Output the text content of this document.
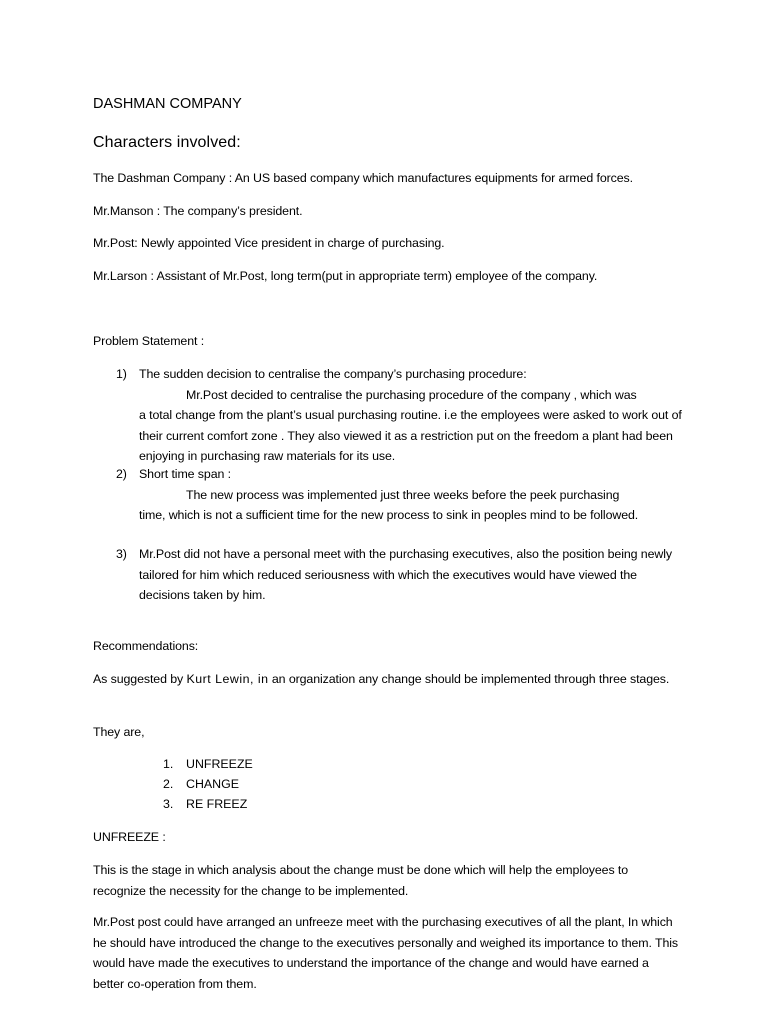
DASHMAN COMPANY

Characters involved:

The Dashman Company : An US based company which manufactures equipments for armed forces.

Mr.Manson : The company’s president.

Mr.Post: Newly appointed Vice president in charge of purchasing.

Mr.Larson : Assistant of Mr.Post, long term(put in appropriate term) employee of the company.

Problem Statement :

1) The sudden decision to centralise the company’s purchasing procedure:
Mr.Post decided to centralise the purchasing procedure of the company , which was
a total change from the plant’s usual purchasing routine. i.e the employees were asked to work out of their current comfort zone . They also viewed it as a restriction put on the freedom a plant had been enjoying in purchasing raw materials for its use.
2) Short time span :
The new process was implemented just three weeks before the peek purchasing
time, which is not a sufficient time for the new process to sink in peoples mind to be followed.
3) Mr.Post did not have a personal meet with the purchasing executives, also the position being newly tailored for him which reduced seriousness with which the executives would have viewed the decisions taken by him.

Recommendations:

As suggested by Kurt Lewin, in an organization any change should be implemented through three stages.

They are,

1. UNFREEZE
2. CHANGE
3. RE FREEZ

UNFREEZE :

This is the stage in which analysis about the change must be done which will help the employees to recognize the necessity for the change to be implemented.

Mr.Post post could have arranged an unfreeze meet with the purchasing executives of all the plant, In which he should have introduced the change to the executives personally and weighed its importance to them. This would have made the executives to understand the importance of the change and would have earned a better co-operation from them.
